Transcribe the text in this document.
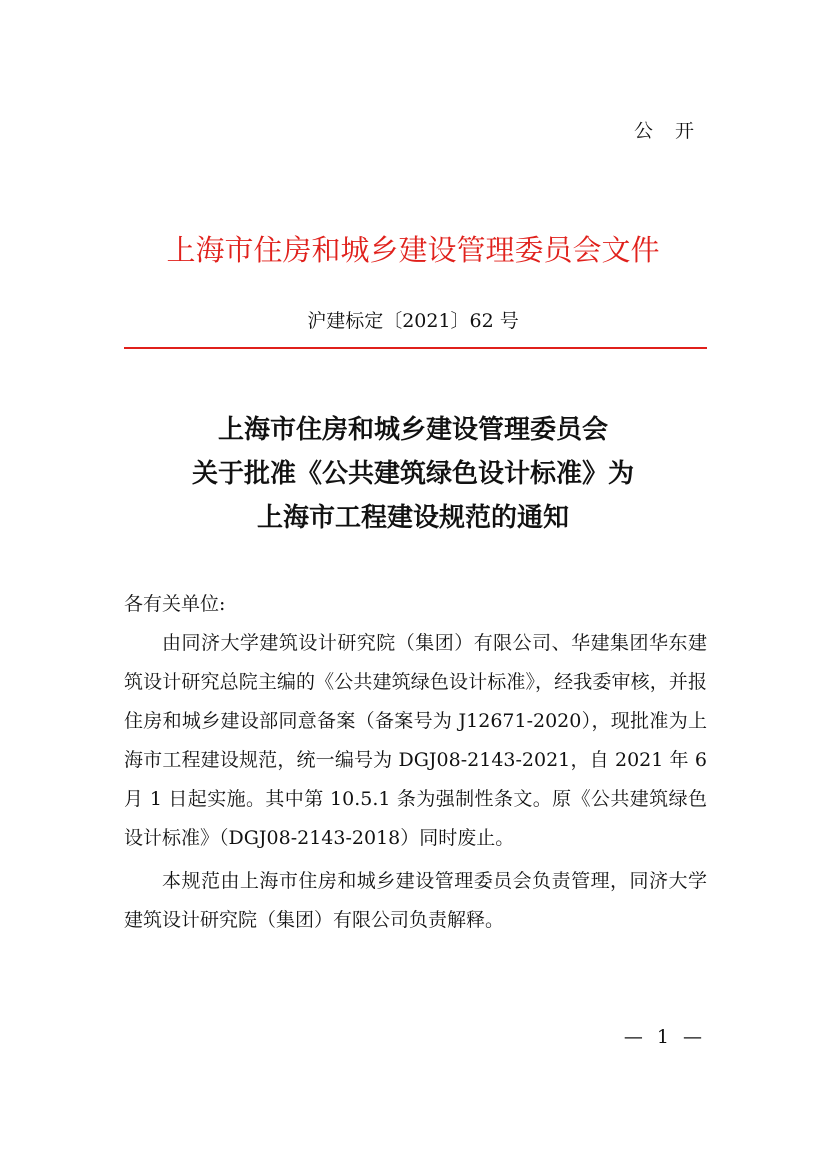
公 开
上海市住房和城乡建设管理委员会文件
沪建标定〔2021〕62 号
上海市住房和城乡建设管理委员会
关于批准《公共建筑绿色设计标准》为
上海市工程建设规范的通知

各有关单位:

由同济大学建筑设计研究院（集团）有限公司、华建集团华东建筑设计研究总院主编的《公共建筑绿色设计标准》，经我委审核，并报住房和城乡建设部同意备案（备案号为 J12671-2020），现批准为上海市工程建设规范，统一编号为 DGJ08-2143-2021，自 2021 年 6 月 1 日起实施。其中第 10.5.1 条为强制性条文。原《公共建筑绿色设计标准》（DGJ08-2143-2018）同时废止。

本规范由上海市住房和城乡建设管理委员会负责管理，同济大学建筑设计研究院（集团）有限公司负责解释。

— 1 —
